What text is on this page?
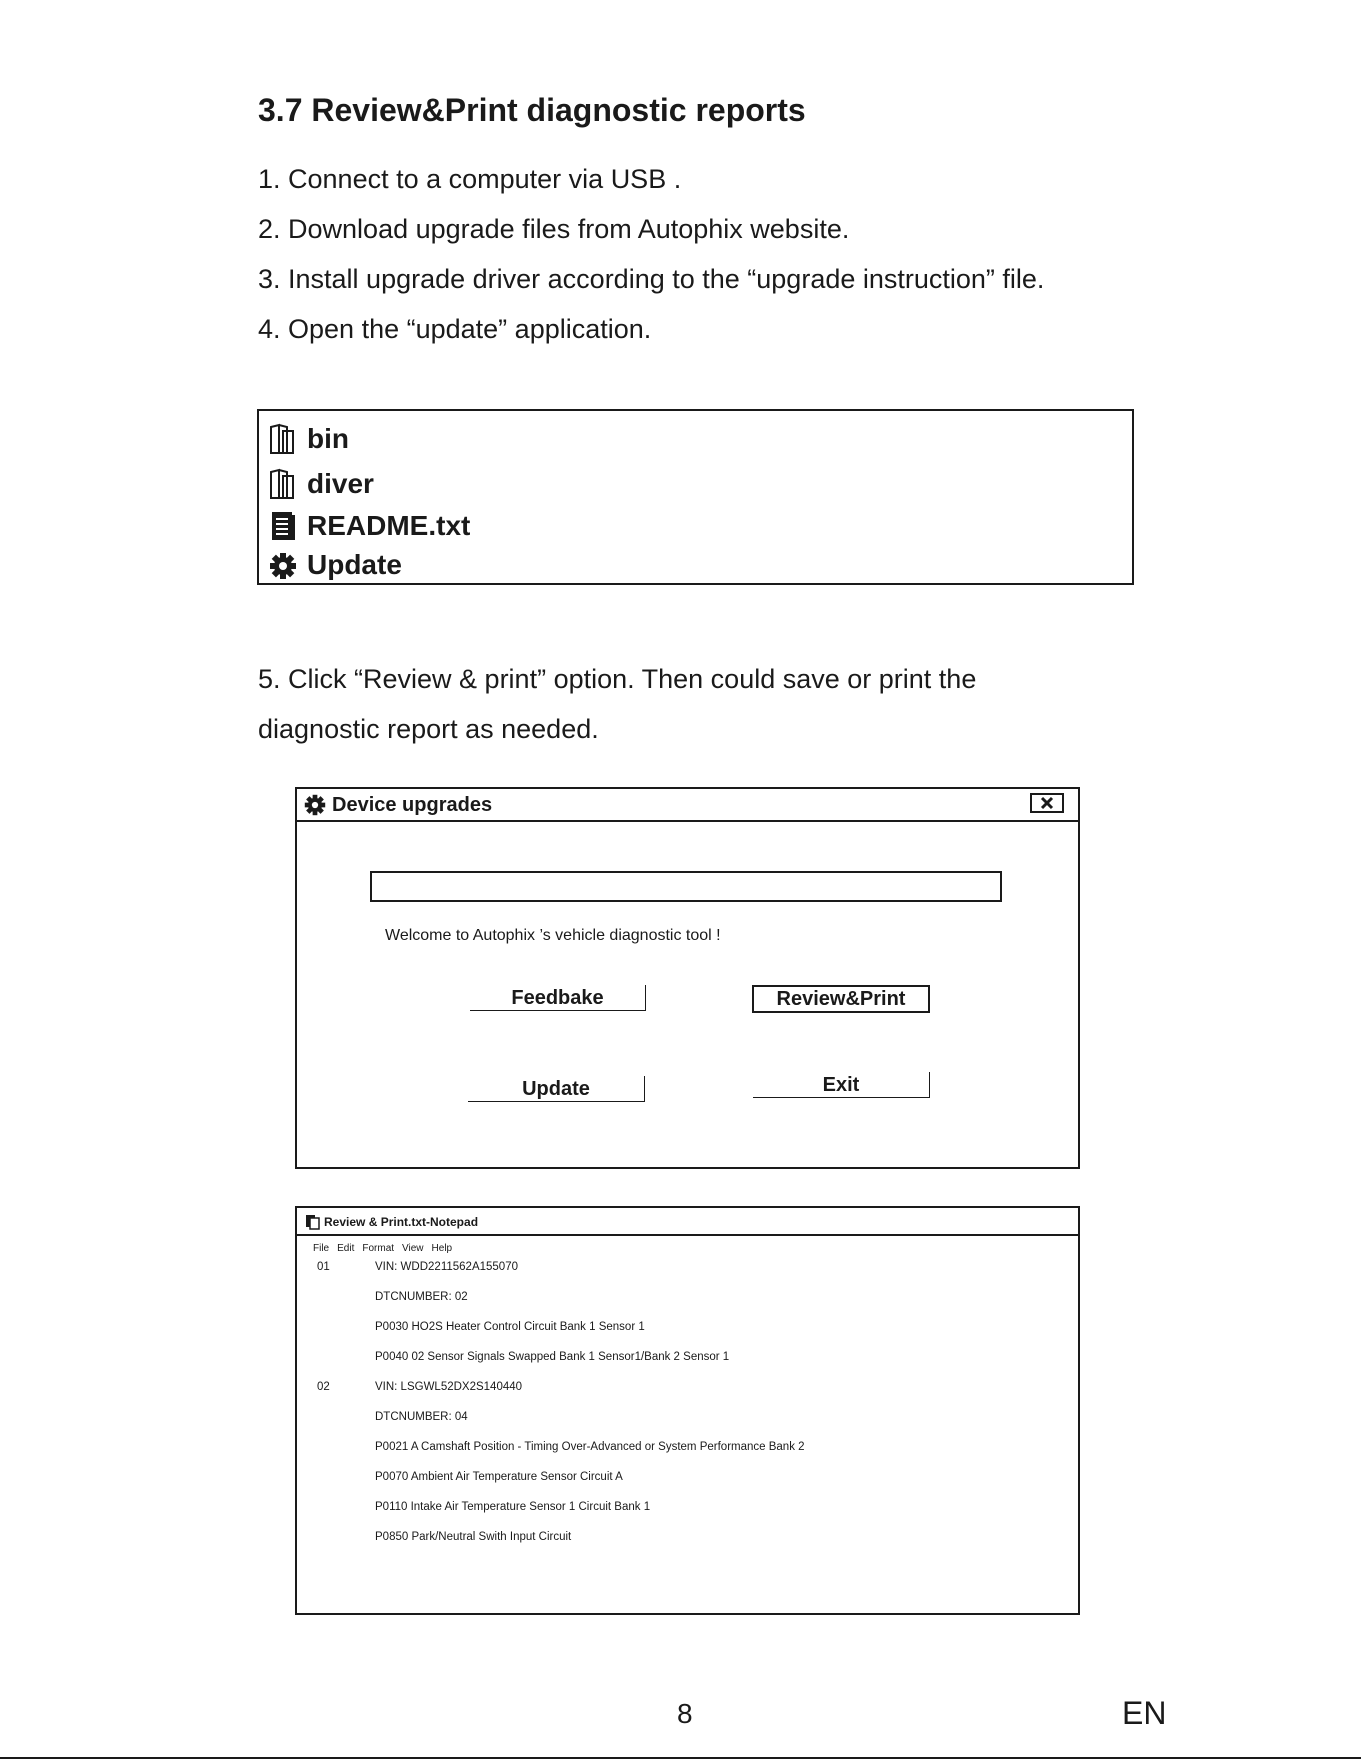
3.7 Review&Print diagnostic reports
1. Connect to a computer via USB .
2. Download upgrade files from Autophix website.
3. Install upgrade driver according to the “upgrade instruction” file.
4. Open the “update” application.
bin
diver
README.txt
Update
5. Click “Review & print” option. Then could save or print the
diagnostic report as needed.
Device upgrades
Welcome to Autophix ’s vehicle diagnostic tool !
Feedbake	Review&Print
Update	Exit
Review & Print.txt-Notepad
File Edit Format View Help
01	VIN: WDD2211562A155070
DTCNUMBER: 02
P0030 HO2S Heater Control Circuit Bank 1 Sensor 1
P0040 02 Sensor Signals Swapped Bank 1 Sensor1/Bank 2 Sensor 1
02	VIN: LSGWL52DX2S140440
DTCNUMBER: 04
P0021 A Camshaft Position - Timing Over-Advanced or System Performance Bank 2
P0070 Ambient Air Temperature Sensor Circuit A
P0110 Intake Air Temperature Sensor 1 Circuit Bank 1
P0850 Park/Neutral Swith Input Circuit
8	EN
